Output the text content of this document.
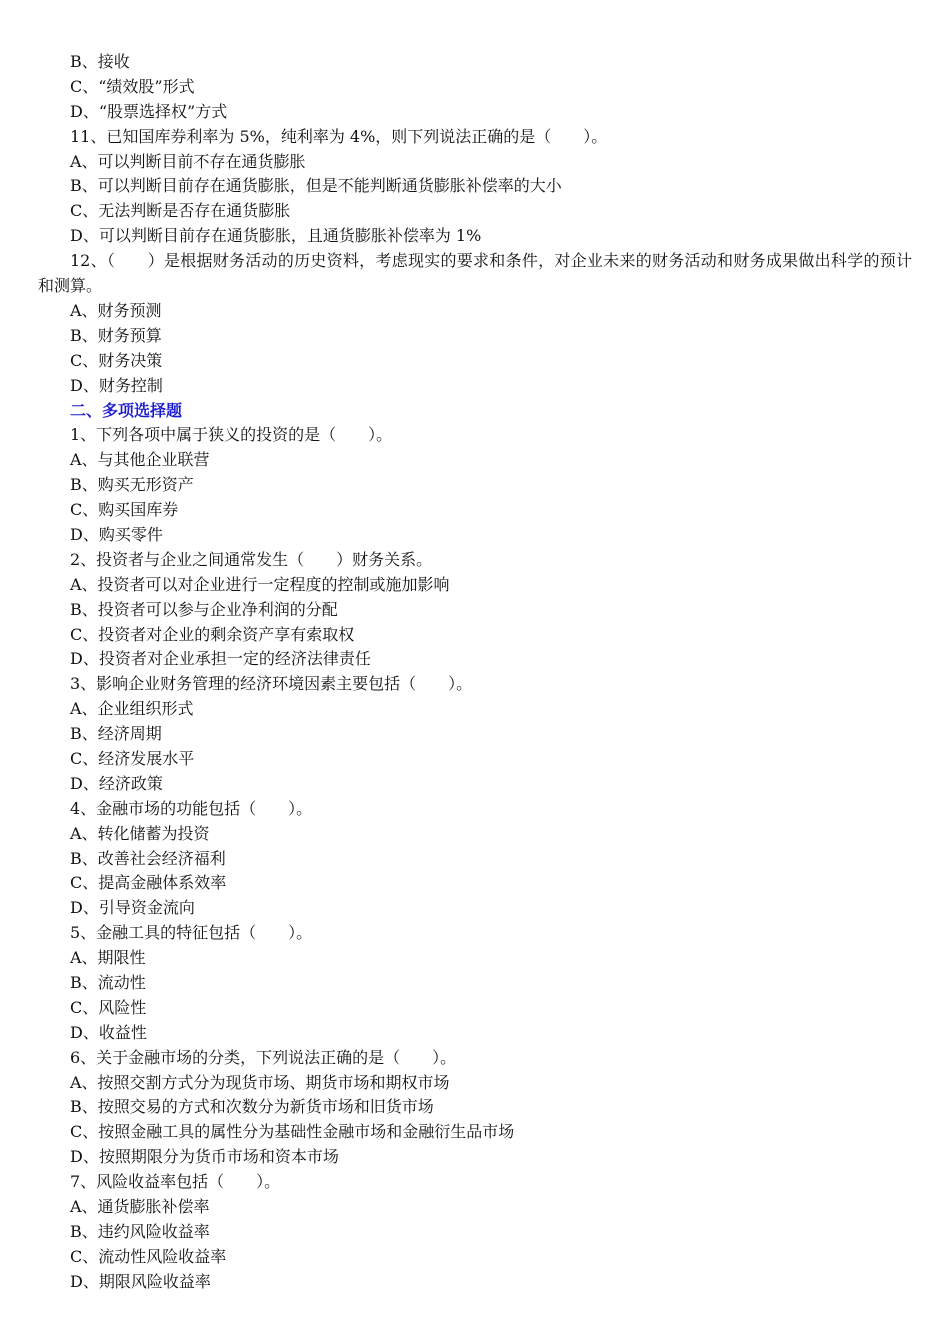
B、接收
C、“绩效股”形式
D、“股票选择权”方式
11、已知国库券利率为 5%，纯利率为 4%，则下列说法正确的是（　　）。
A、可以判断目前不存在通货膨胀
B、可以判断目前存在通货膨胀，但是不能判断通货膨胀补偿率的大小
C、无法判断是否存在通货膨胀
D、可以判断目前存在通货膨胀，且通货膨胀补偿率为 1%
12、（　　）是根据财务活动的历史资料，考虑现实的要求和条件，对企业未来的财务活动和财务成果做出科学的预计和测算。
A、财务预测
B、财务预算
C、财务决策
D、财务控制
二、多项选择题
1、下列各项中属于狭义的投资的是（　　）。
A、与其他企业联营
B、购买无形资产
C、购买国库券
D、购买零件
2、投资者与企业之间通常发生（　　）财务关系。
A、投资者可以对企业进行一定程度的控制或施加影响
B、投资者可以参与企业净利润的分配
C、投资者对企业的剩余资产享有索取权
D、投资者对企业承担一定的经济法律责任
3、影响企业财务管理的经济环境因素主要包括（　　）。
A、企业组织形式
B、经济周期
C、经济发展水平
D、经济政策
4、金融市场的功能包括（　　）。
A、转化储蓄为投资
B、改善社会经济福利
C、提高金融体系效率
D、引导资金流向
5、金融工具的特征包括（　　）。
A、期限性
B、流动性
C、风险性
D、收益性
6、关于金融市场的分类，下列说法正确的是（　　）。
A、按照交割方式分为现货市场、期货市场和期权市场
B、按照交易的方式和次数分为新货市场和旧货市场
C、按照金融工具的属性分为基础性金融市场和金融衍生品市场
D、按照期限分为货币市场和资本市场
7、风险收益率包括（　　）。
A、通货膨胀补偿率
B、违约风险收益率
C、流动性风险收益率
D、期限风险收益率
